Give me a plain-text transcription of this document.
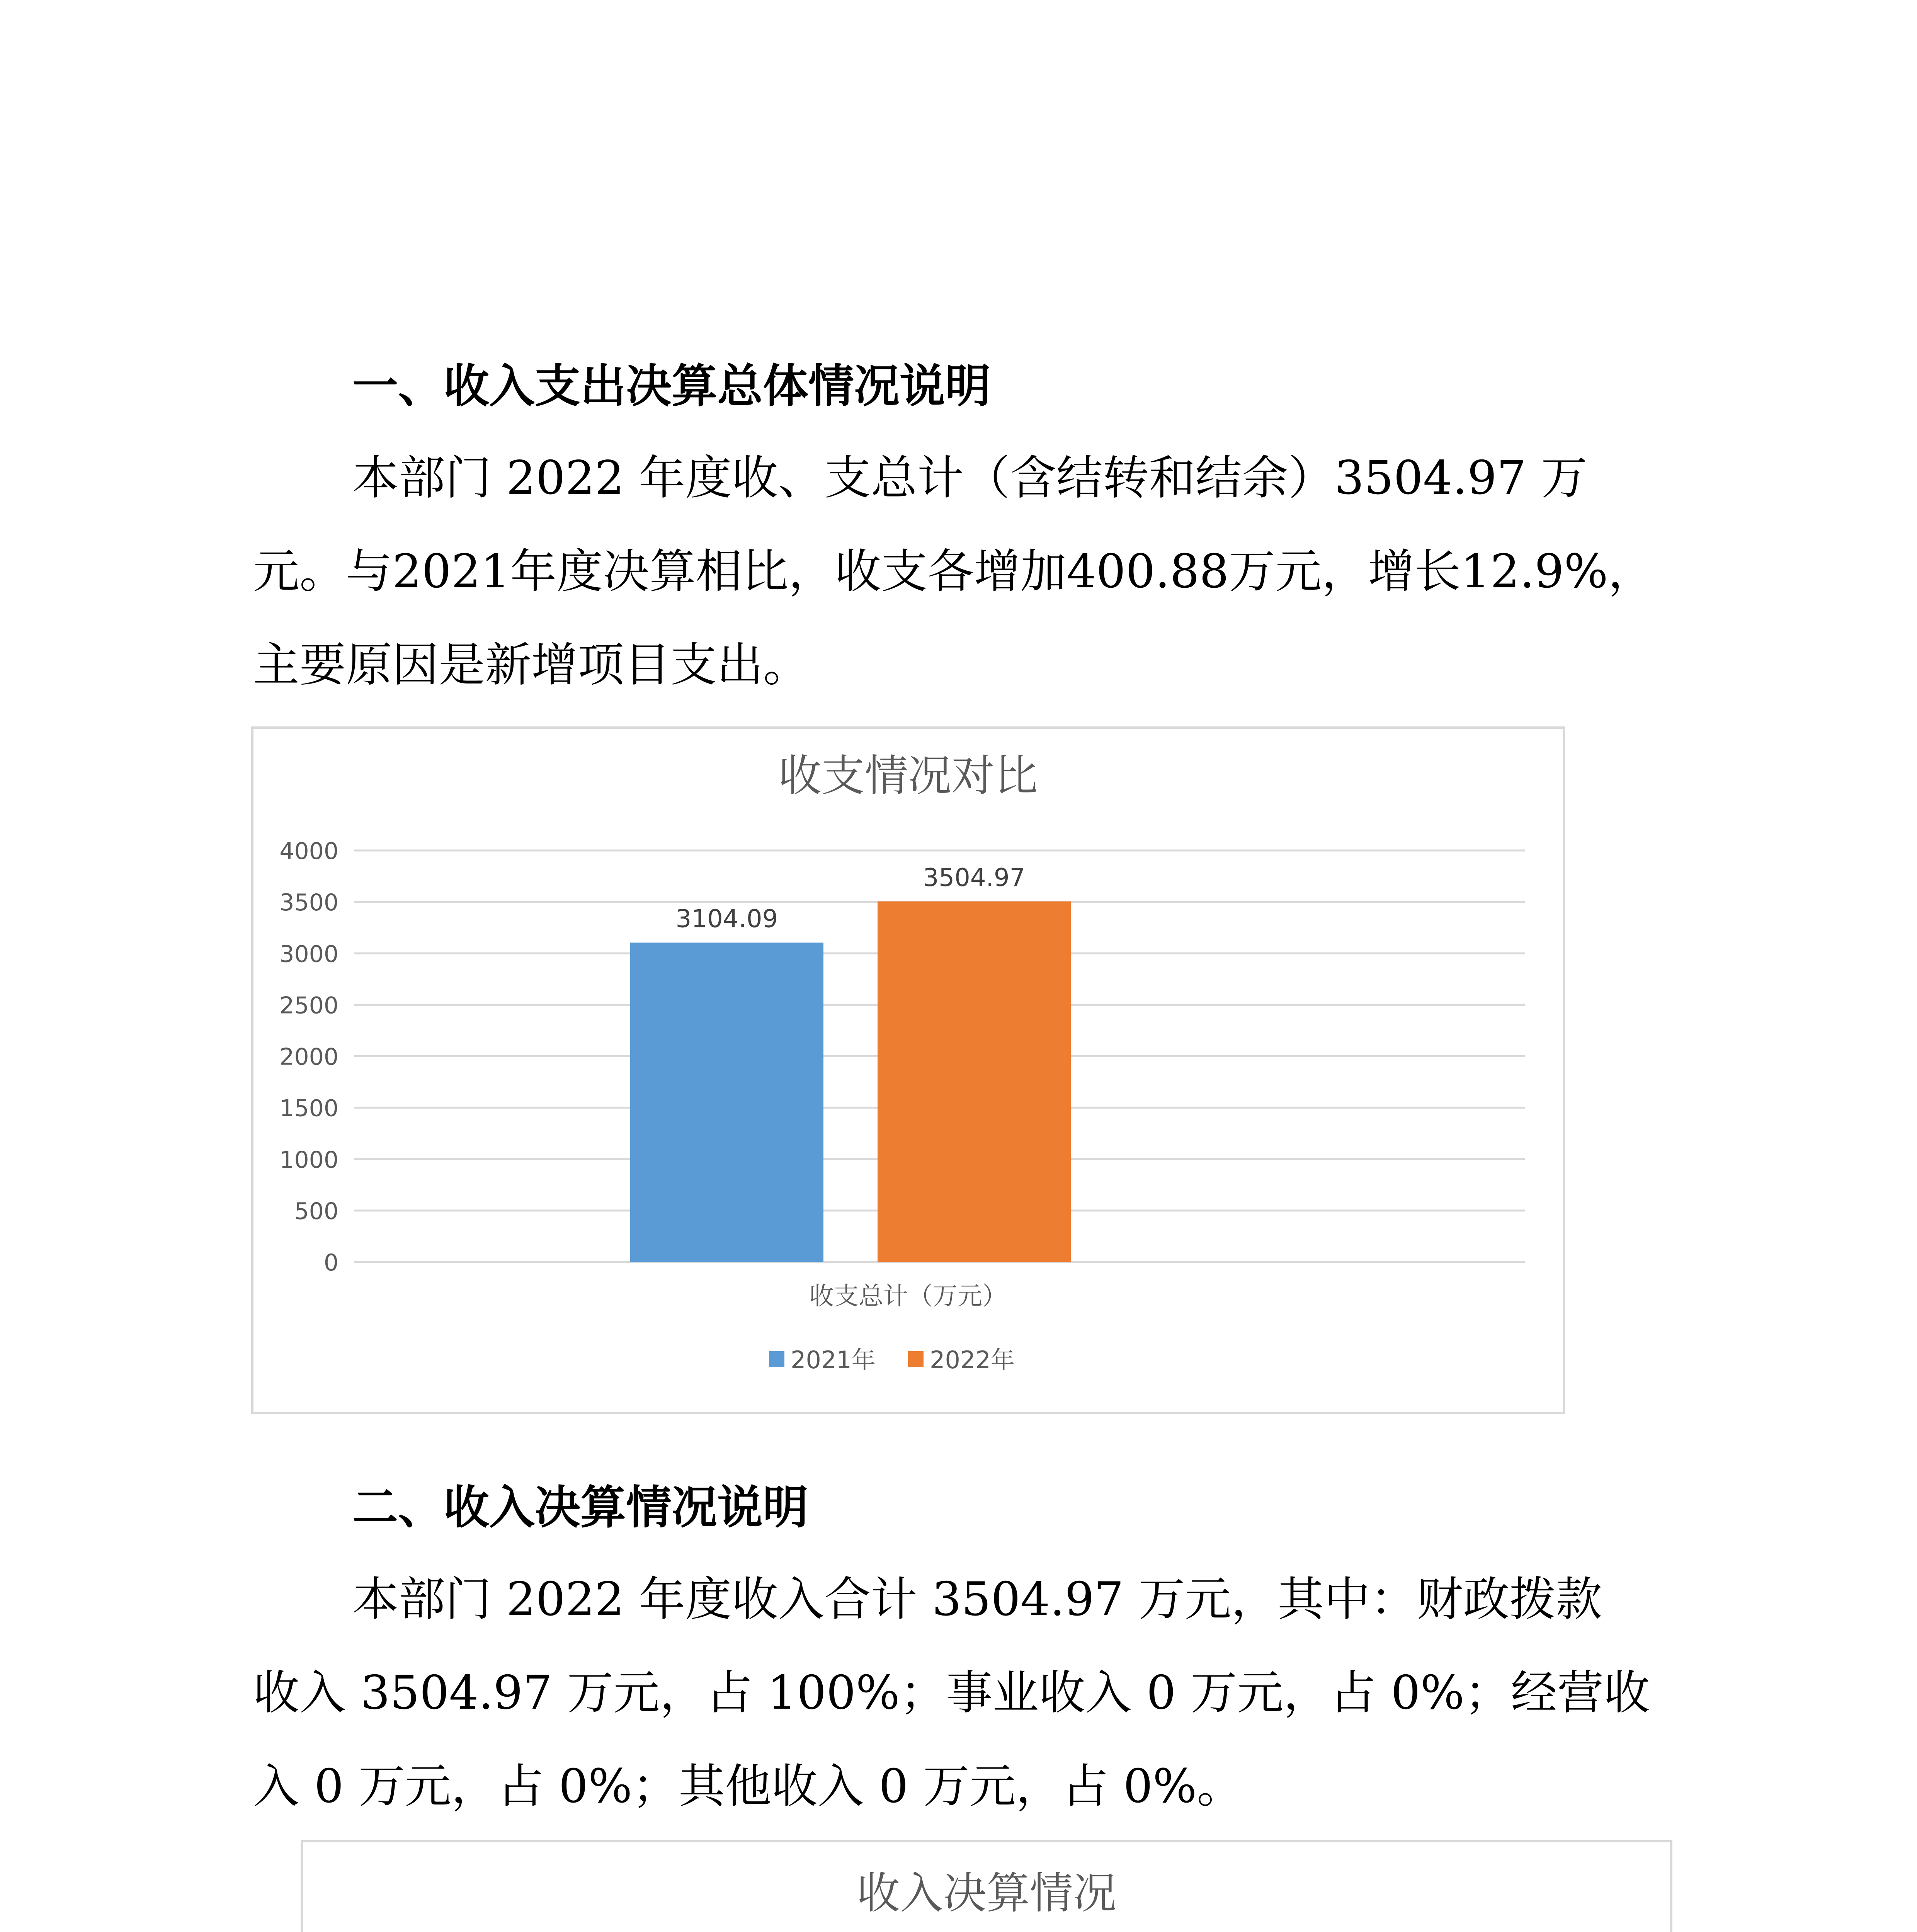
一、收入支出决算总体情况说明
本部门 2022 年度收、支总计（含结转和结余）3504.97 万
元。与2021年度决算相比，收支各增加400.88万元，增长12.9%，
主要原因是新增项目支出。
收支情况对比
0
500
1000
1500
2000
2500
3000
3500
4000
3104.09
3504.97
收支总计（万元）
2021年 2022年
二、收入决算情况说明
本部门 2022 年度收入合计 3504.97 万元，其中：财政拨款
收入 3504.97 万元，占 100%；事业收入 0 万元，占 0%；经营收
入 0 万元，占 0%；其他收入 0 万元，占 0%。
收入决算情况
